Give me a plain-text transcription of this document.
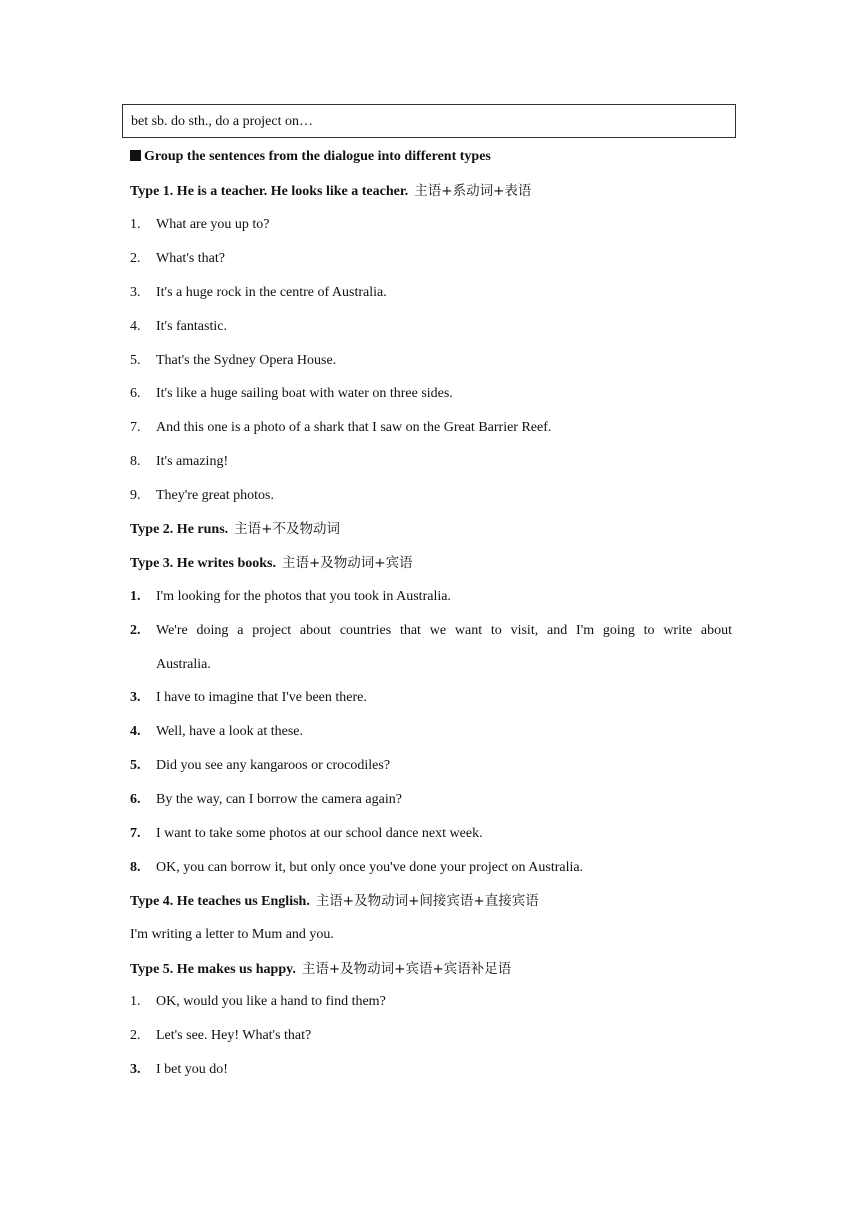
bet sb. do sth., do a project on…
Group the sentences from the dialogue into different types
Type 1. He is a teacher. He looks like a teacher. 主语+系动词+表语
1. What are you up to?
2. What's that?
3. It's a huge rock in the centre of Australia.
4. It's fantastic.
5. That's the Sydney Opera House.
6. It's like a huge sailing boat with water on three sides.
7. And this one is a photo of a shark that I saw on the Great Barrier Reef.
8. It's amazing!
9. They're great photos.
Type 2. He runs. 主语+不及物动词
Type 3. He writes books. 主语+及物动词+宾语
1. I'm looking for the photos that you took in Australia.
2. We're doing a project about countries that we want to visit, and I'm going to write about
Australia.
3. I have to imagine that I've been there.
4. Well, have a look at these.
5. Did you see any kangaroos or crocodiles?
6. By the way, can I borrow the camera again?
7. I want to take some photos at our school dance next week.
8. OK, you can borrow it, but only once you've done your project on Australia.
Type 4. He teaches us English. 主语+及物动词+间接宾语+直接宾语
I'm writing a letter to Mum and you.
Type 5. He makes us happy. 主语+及物动词+宾语+宾语补足语
1. OK, would you like a hand to find them?
2. Let's see. Hey! What's that?
3. I bet you do!
